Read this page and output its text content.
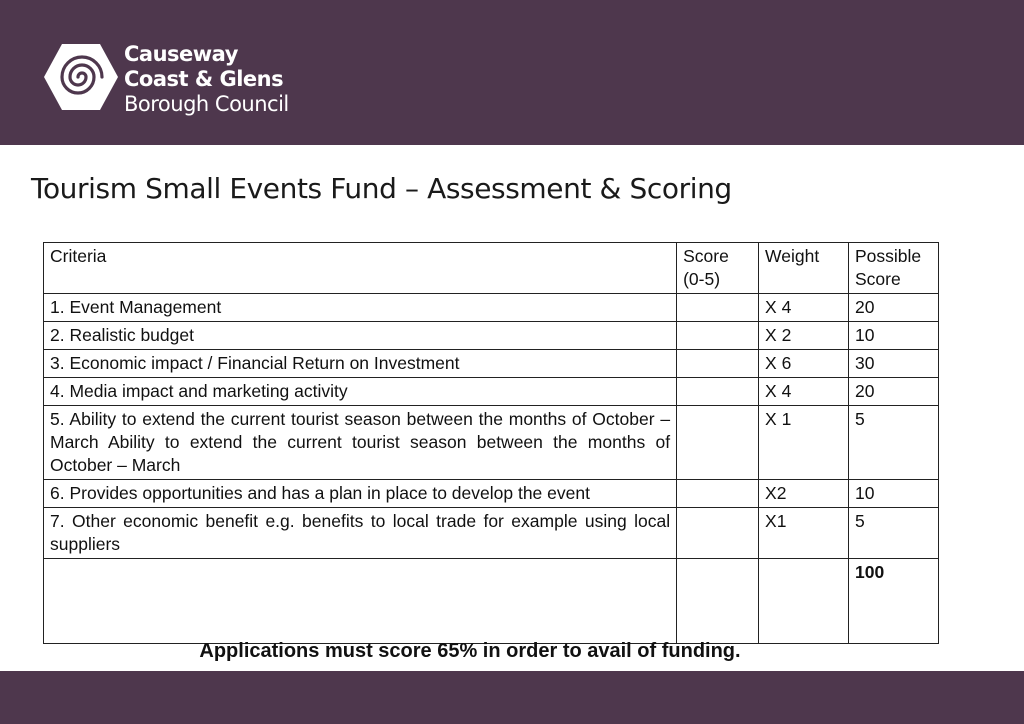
Causeway
Coast & Glens
Borough Council
Tourism Small Events Fund – Assessment & Scoring
Criteria	Score (0-5)	Weight	Possible Score
1. Event Management		X 4	20
2. Realistic budget		X 2	10
3. Economic impact / Financial Return on Investment		X 6	30
4. Media impact and marketing activity		X 4	20
5. Ability to extend the current tourist season between the months of October – March Ability to extend the current tourist season between the months of October – March		X 1	5
6. Provides opportunities and has a plan in place to develop the event		X2	10
7. Other economic benefit e.g. benefits to local trade for example using local suppliers		X1	5
			100
Applications must score 65% in order to avail of funding.
